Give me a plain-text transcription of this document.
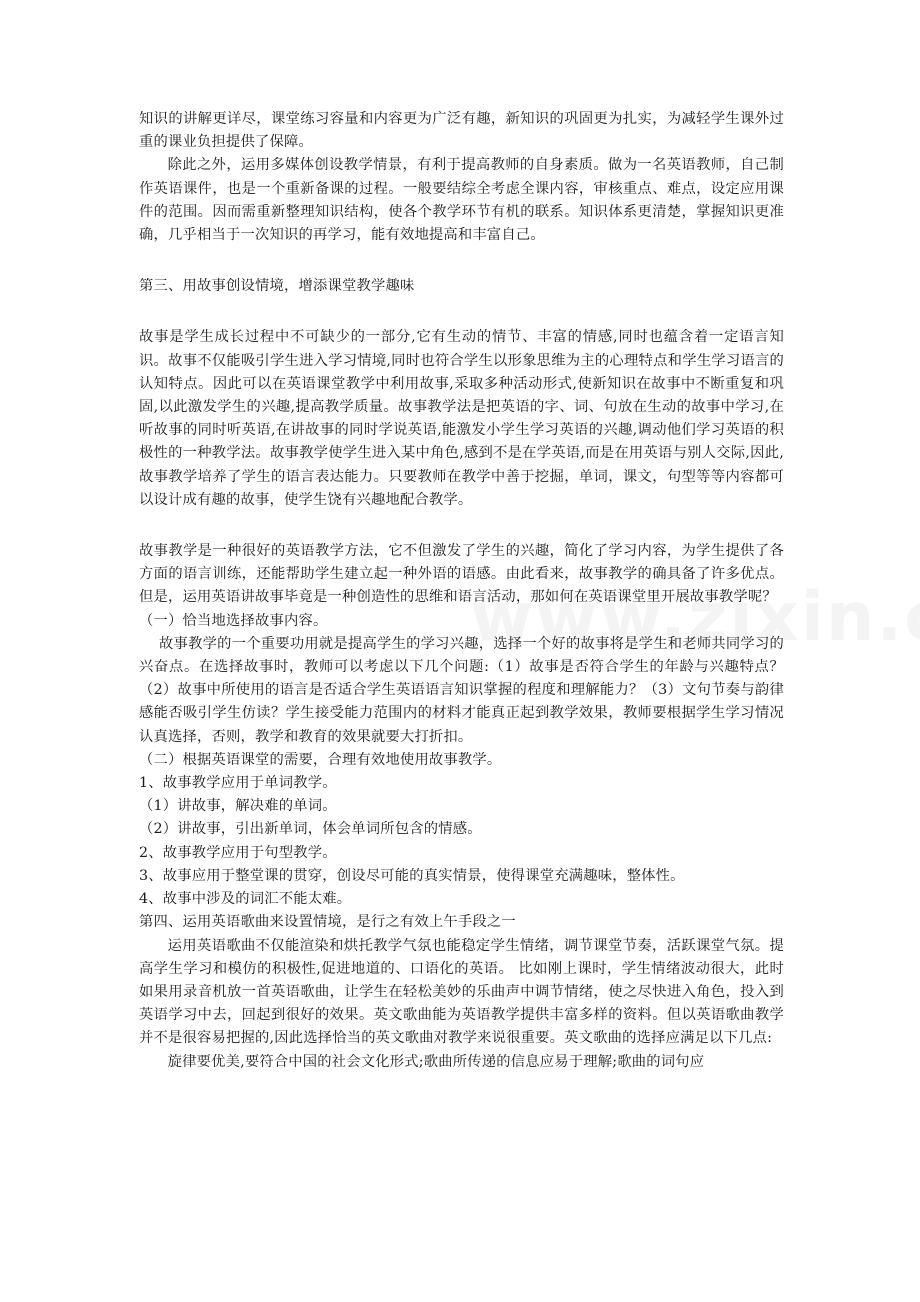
知识的讲解更详尽，课堂练习容量和内容更为广泛有趣，新知识的巩固更为扎实，为减轻学生课外过重的课业负担提供了保障。

除此之外，运用多媒体创设教学情景，有利于提高教师的自身素质。做为一名英语教师，自己制作英语课件，也是一个重新备课的过程。一般要结综全考虑全课内容，审核重点、难点，设定应用课件的范围。因而需重新整理知识结构，使各个教学环节有机的联系。知识体系更清楚，掌握知识更准确，几乎相当于一次知识的再学习，能有效地提高和丰富自己。

第三、用故事创设情境，增添课堂教学趣味

故事是学生成长过程中不可缺少的一部分,它有生动的情节、丰富的情感,同时也蕴含着一定语言知识。故事不仅能吸引学生进入学习情境,同时也符合学生以形象思维为主的心理特点和学生学习语言的认知特点。因此可以在英语课堂教学中利用故事,采取多种活动形式,使新知识在故事中不断重复和巩固,以此激发学生的兴趣,提高教学质量。故事教学法是把英语的字、词、句放在生动的故事中学习,在听故事的同时听英语,在讲故事的同时学说英语,能激发小学生学习英语的兴趣,调动他们学习英语的积极性的一种教学法。故事教学使学生进入某中角色,感到不是在学英语,而是在用英语与别人交际,因此,故事教学培养了学生的语言表达能力。只要教师在教学中善于挖掘，单词，课文，句型等等内容都可以设计成有趣的故事，使学生饶有兴趣地配合教学。

故事教学是一种很好的英语教学方法，它不但激发了学生的兴趣，简化了学习内容，为学生提供了各方面的语言训练，还能帮助学生建立起一种外语的语感。由此看来，故事教学的确具备了许多优点。但是，运用英语讲故事毕竟是一种创造性的思维和语言活动，那如何在英语课堂里开展故事教学呢？

（一）恰当地选择故事内容。

故事教学的一个重要功用就是提高学生的学习兴趣，选择一个好的故事将是学生和老师共同学习的兴奋点。在选择故事时，教师可以考虑以下几个问题:（1）故事是否符合学生的年龄与兴趣特点？（2）故事中所使用的语言是否适合学生英语语言知识掌握的程度和理解能力？（3）文句节奏与韵律感能否吸引学生仿读？学生接受能力范围内的材料才能真正起到教学效果，教师要根据学生学习情况认真选择，否则，教学和教育的效果就要大打折扣。

（二）根据英语课堂的需要，合理有效地使用故事教学。

1、故事教学应用于单词教学。

（1）讲故事，解决难的单词。

（2）讲故事，引出新单词，体会单词所包含的情感。

2、故事教学应用于句型教学。

3、故事应用于整堂课的贯穿，创设尽可能的真实情景，使得课堂充满趣味，整体性。

4、故事中涉及的词汇不能太难。

第四、运用英语歌曲来设置情境，是行之有效上午手段之一

运用英语歌曲不仅能渲染和烘托教学气氛也能稳定学生情绪，调节课堂节奏，活跃课堂气氛。提高学生学习和模仿的积极性,促进地道的、口语化的英语。 比如刚上课时，学生情绪波动很大，此时如果用录音机放一首英语歌曲，让学生在轻松美妙的乐曲声中调节情绪，使之尽快进入角色，投入到英语学习中去，回起到很好的效果。英文歌曲能为英语教学提供丰富多样的资料。但以英语歌曲教学并不是很容易把握的,因此选择恰当的英文歌曲对教学来说很重要。英文歌曲的选择应满足以下几点:

旋律要优美,要符合中国的社会文化形式;歌曲所传递的信息应易于理解;歌曲的词句应
